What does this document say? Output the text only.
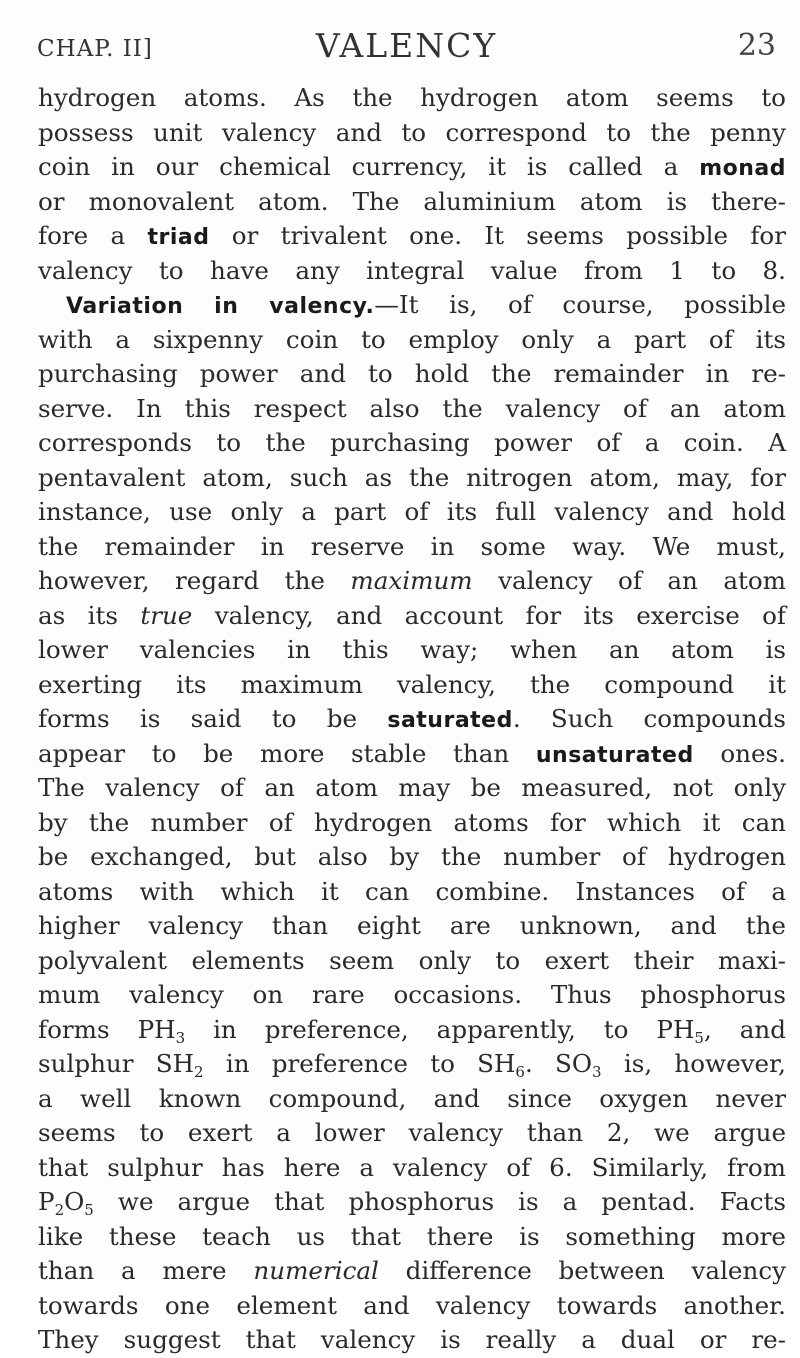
CHAP. II]	VALENCY	23
hydrogen atoms. As the hydrogen atom seems to
possess unit valency and to correspond to the penny
coin in our chemical currency, it is called a monad
or monovalent atom. The aluminium atom is there-
fore a triad or trivalent one. It seems possible for
valency to have any integral value from 1 to 8.
Variation in valency.—It is, of course, possible
with a sixpenny coin to employ only a part of its
purchasing power and to hold the remainder in re-
serve. In this respect also the valency of an atom
corresponds to the purchasing power of a coin. A
pentavalent atom, such as the nitrogen atom, may, for
instance, use only a part of its full valency and hold
the remainder in reserve in some way. We must,
however, regard the maximum valency of an atom
as its true valency, and account for its exercise of
lower valencies in this way; when an atom is
exerting its maximum valency, the compound it
forms is said to be saturated. Such compounds
appear to be more stable than unsaturated ones.
The valency of an atom may be measured, not only
by the number of hydrogen atoms for which it can
be exchanged, but also by the number of hydrogen
atoms with which it can combine. Instances of a
higher valency than eight are unknown, and the
polyvalent elements seem only to exert their maxi-
mum valency on rare occasions. Thus phosphorus
forms $PH_3$ in preference, apparently, to $PH_5$, and
sulphur $SH_2$ in preference to $SH_6$. $SO_3$ is, however,
a well known compound, and since oxygen never
seems to exert a lower valency than 2, we argue
that sulphur has here a valency of 6. Similarly, from
$P_2O_5$ we argue that phosphorus is a pentad. Facts
like these teach us that there is something more
than a mere numerical difference between valency
towards one element and valency towards another.
They suggest that valency is really a dual or re-
